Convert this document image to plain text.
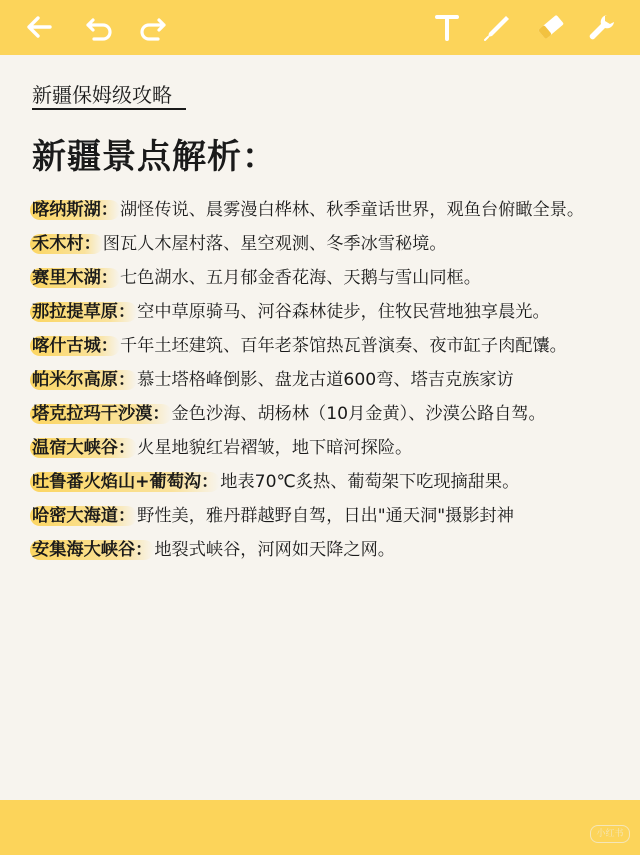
新疆保姆级攻略
新疆景点解析：
喀纳斯湖： 湖怪传说、晨雾漫白桦林、秋季童话世界，观鱼台俯瞰全景。
禾木村： 图瓦人木屋村落、星空观测、冬季冰雪秘境。
赛里木湖： 七色湖水、五月郁金香花海、天鹅与雪山同框。
那拉提草原： 空中草原骑马、河谷森林徒步，住牧民营地独享晨光。
喀什古城： 千年土坯建筑、百年老茶馆热瓦普演奏、夜市缸子肉配馕。
帕米尔高原： 慕士塔格峰倒影、盘龙古道600弯、塔吉克族家访
塔克拉玛干沙漠： 金色沙海、胡杨林（10月金黄）、沙漠公路自驾。
温宿大峡谷： 火星地貌红岩褶皱，地下暗河探险。
吐鲁番火焰山+葡萄沟： 地表70℃炙热、葡萄架下吃现摘甜果。
哈密大海道： 野性美，雅丹群越野自驾，日出"通天洞"摄影封神
安集海大峡谷： 地裂式峡谷，河网如天降之网。
小红书
